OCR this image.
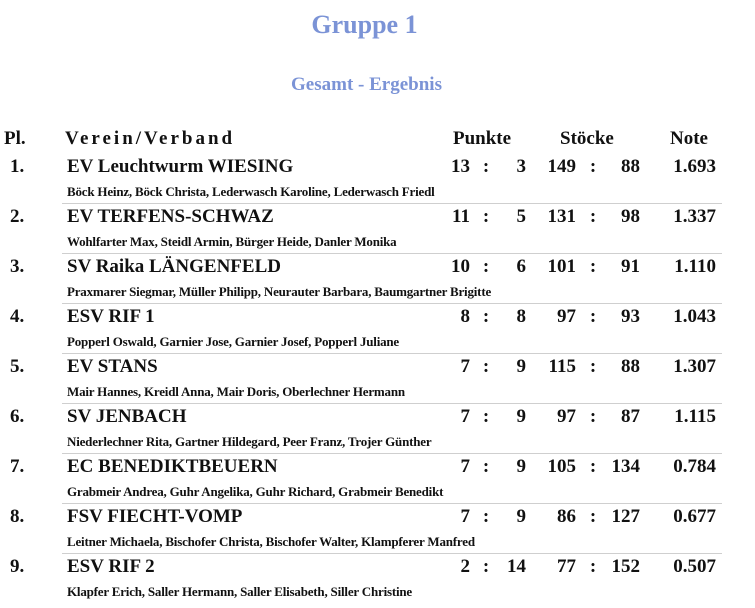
Gruppe 1
Gesamt - Ergebnis
Pl. Verein/Verband	Punkte	Stöcke	Note
1.	EV Leuchtwurm WIESING	13 :	3	149 :	88	1.693
Böck Heinz, Böck Christa, Lederwasch Karoline, Lederwasch Friedl
2.	EV TERFENS-SCHWAZ	11 :	5	131 :	98	1.337
Wohlfarter Max, Steidl Armin, Bürger Heide, Danler Monika
3.	SV Raika LÄNGENFELD	10 :	6	101 :	91	1.110
Praxmarer Siegmar, Müller Philipp, Neurauter Barbara, Baumgartner Brigitte
4.	ESV RIF 1	8 :	8	97 :	93	1.043
Popperl Oswald, Garnier Jose, Garnier Josef, Popperl Juliane
5.	EV STANS	7 :	9	115 :	88	1.307
Mair Hannes, Kreidl Anna, Mair Doris, Oberlechner Hermann
6.	SV JENBACH	7 :	9	97 :	87	1.115
Niederlechner Rita, Gartner Hildegard, Peer Franz, Trojer Günther
7.	EC BENEDIKTBEUERN	7 :	9	105 : 134	0.784
Grabmeir Andrea, Guhr Angelika, Guhr Richard, Grabmeir Benedikt
8.	FSV FIECHT-VOMP	7 :	9	86 : 127	0.677
Leitner Michaela, Bischofer Christa, Bischofer Walter, Klampferer Manfred
9.	ESV RIF 2	2 : 14	77 : 152	0.507
Klapfer Erich, Saller Hermann, Saller Elisabeth, Siller Christine
